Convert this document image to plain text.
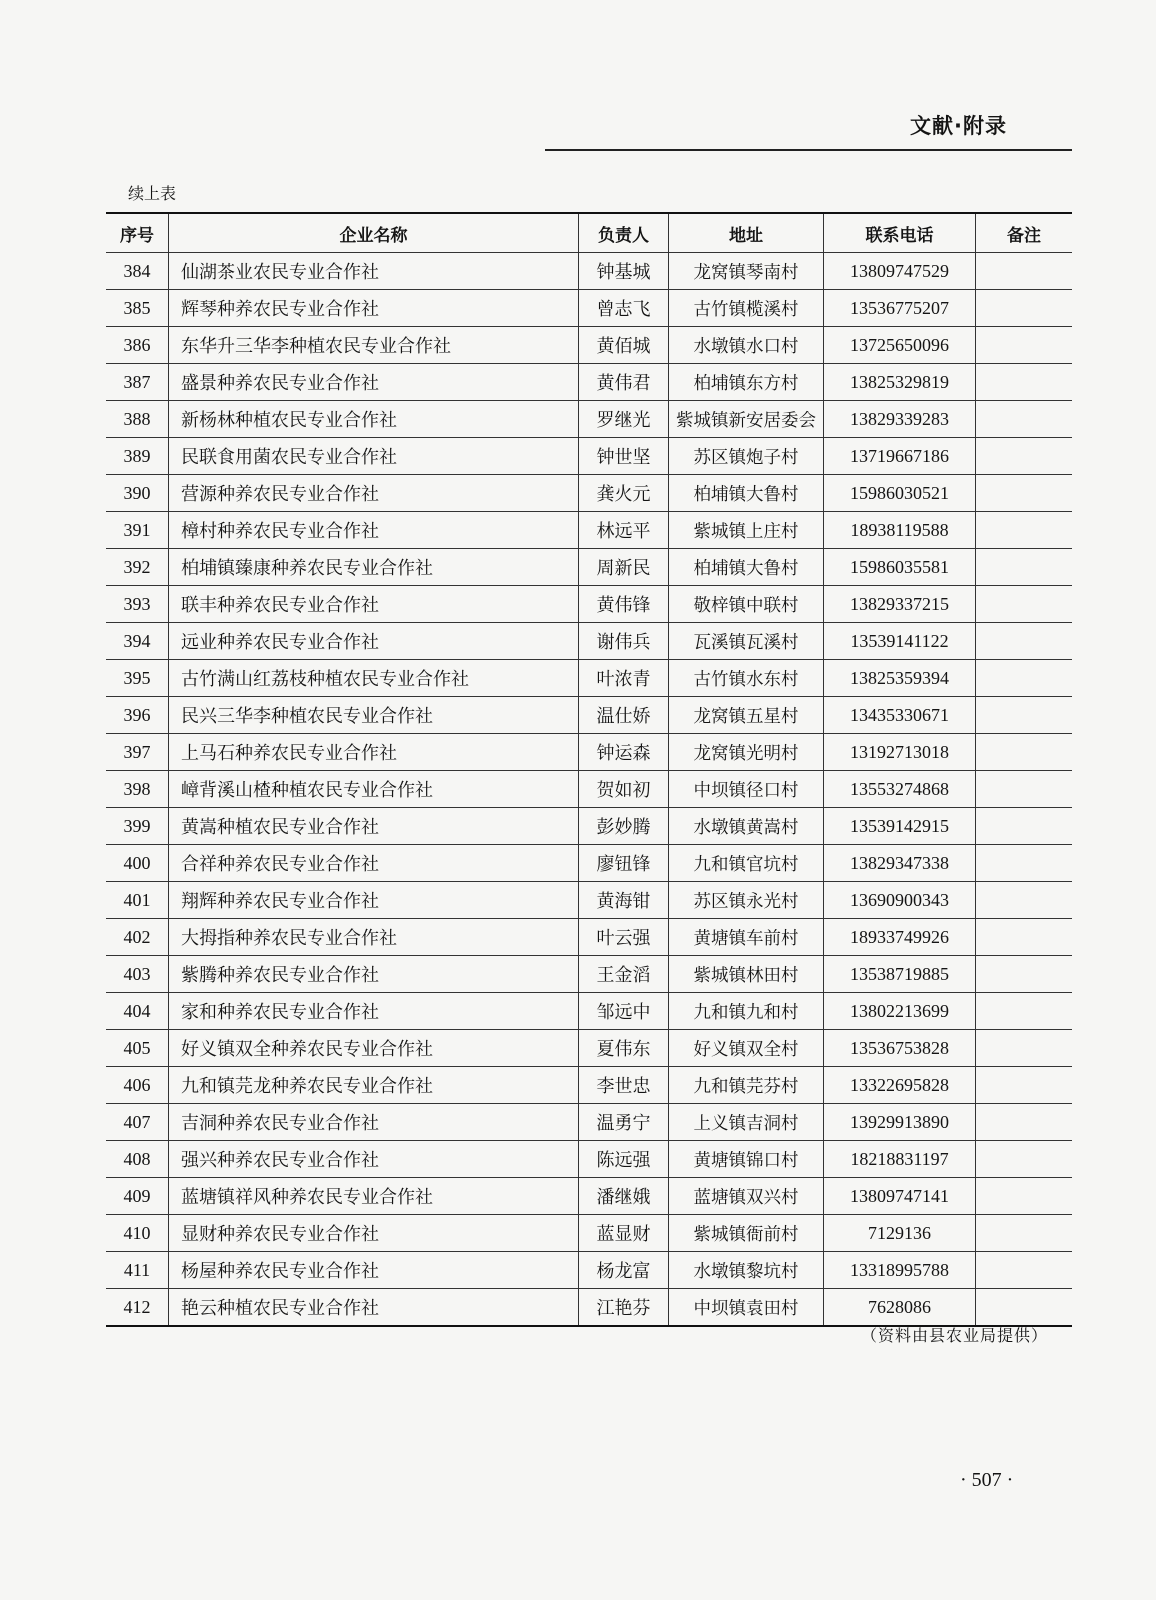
文献·附录
续上表
序号	企业名称	负责人	地址	联系电话	备注
384	仙湖茶业农民专业合作社	钟基城	龙窝镇琴南村	13809747529
385	辉琴种养农民专业合作社	曾志飞	古竹镇榄溪村	13536775207
386	东华升三华李种植农民专业合作社	黄佰城	水墩镇水口村	13725650096
387	盛景种养农民专业合作社	黄伟君	柏埔镇东方村	13825329819
388	新杨林种植农民专业合作社	罗继光	紫城镇新安居委会	13829339283
389	民联食用菌农民专业合作社	钟世坚	苏区镇炮子村	13719667186
390	营源种养农民专业合作社	龚火元	柏埔镇大鲁村	15986030521
391	樟村种养农民专业合作社	林远平	紫城镇上庄村	18938119588
392	柏埔镇臻康种养农民专业合作社	周新民	柏埔镇大鲁村	15986035581
393	联丰种养农民专业合作社	黄伟锋	敬梓镇中联村	13829337215
394	远业种养农民专业合作社	谢伟兵	瓦溪镇瓦溪村	13539141122
395	古竹满山红荔枝种植农民专业合作社	叶浓青	古竹镇水东村	13825359394
396	民兴三华李种植农民专业合作社	温仕娇	龙窝镇五星村	13435330671
397	上马石种养农民专业合作社	钟运森	龙窝镇光明村	13192713018
398	嶂背溪山楂种植农民专业合作社	贺如初	中坝镇径口村	13553274868
399	黄嵩种植农民专业合作社	彭妙腾	水墩镇黄嵩村	13539142915
400	合祥种养农民专业合作社	廖钮锋	九和镇官坑村	13829347338
401	翔辉种养农民专业合作社	黄海钳	苏区镇永光村	13690900343
402	大拇指种养农民专业合作社	叶云强	黄塘镇车前村	18933749926
403	紫腾种养农民专业合作社	王金滔	紫城镇林田村	13538719885
404	家和种养农民专业合作社	邹远中	九和镇九和村	13802213699
405	好义镇双全种养农民专业合作社	夏伟东	好义镇双全村	13536753828
406	九和镇芫龙种养农民专业合作社	李世忠	九和镇芫芬村	13322695828
407	吉洞种养农民专业合作社	温勇宁	上义镇吉洞村	13929913890
408	强兴种养农民专业合作社	陈远强	黄塘镇锦口村	18218831197
409	蓝塘镇祥风种养农民专业合作社	潘继娥	蓝塘镇双兴村	13809747141
410	显财种养农民专业合作社	蓝显财	紫城镇衙前村	7129136
411	杨屋种养农民专业合作社	杨龙富	水墩镇黎坑村	13318995788
412	艳云种植农民专业合作社	江艳芬	中坝镇袁田村	7628086
（资料由县农业局提供）
· 507 ·
